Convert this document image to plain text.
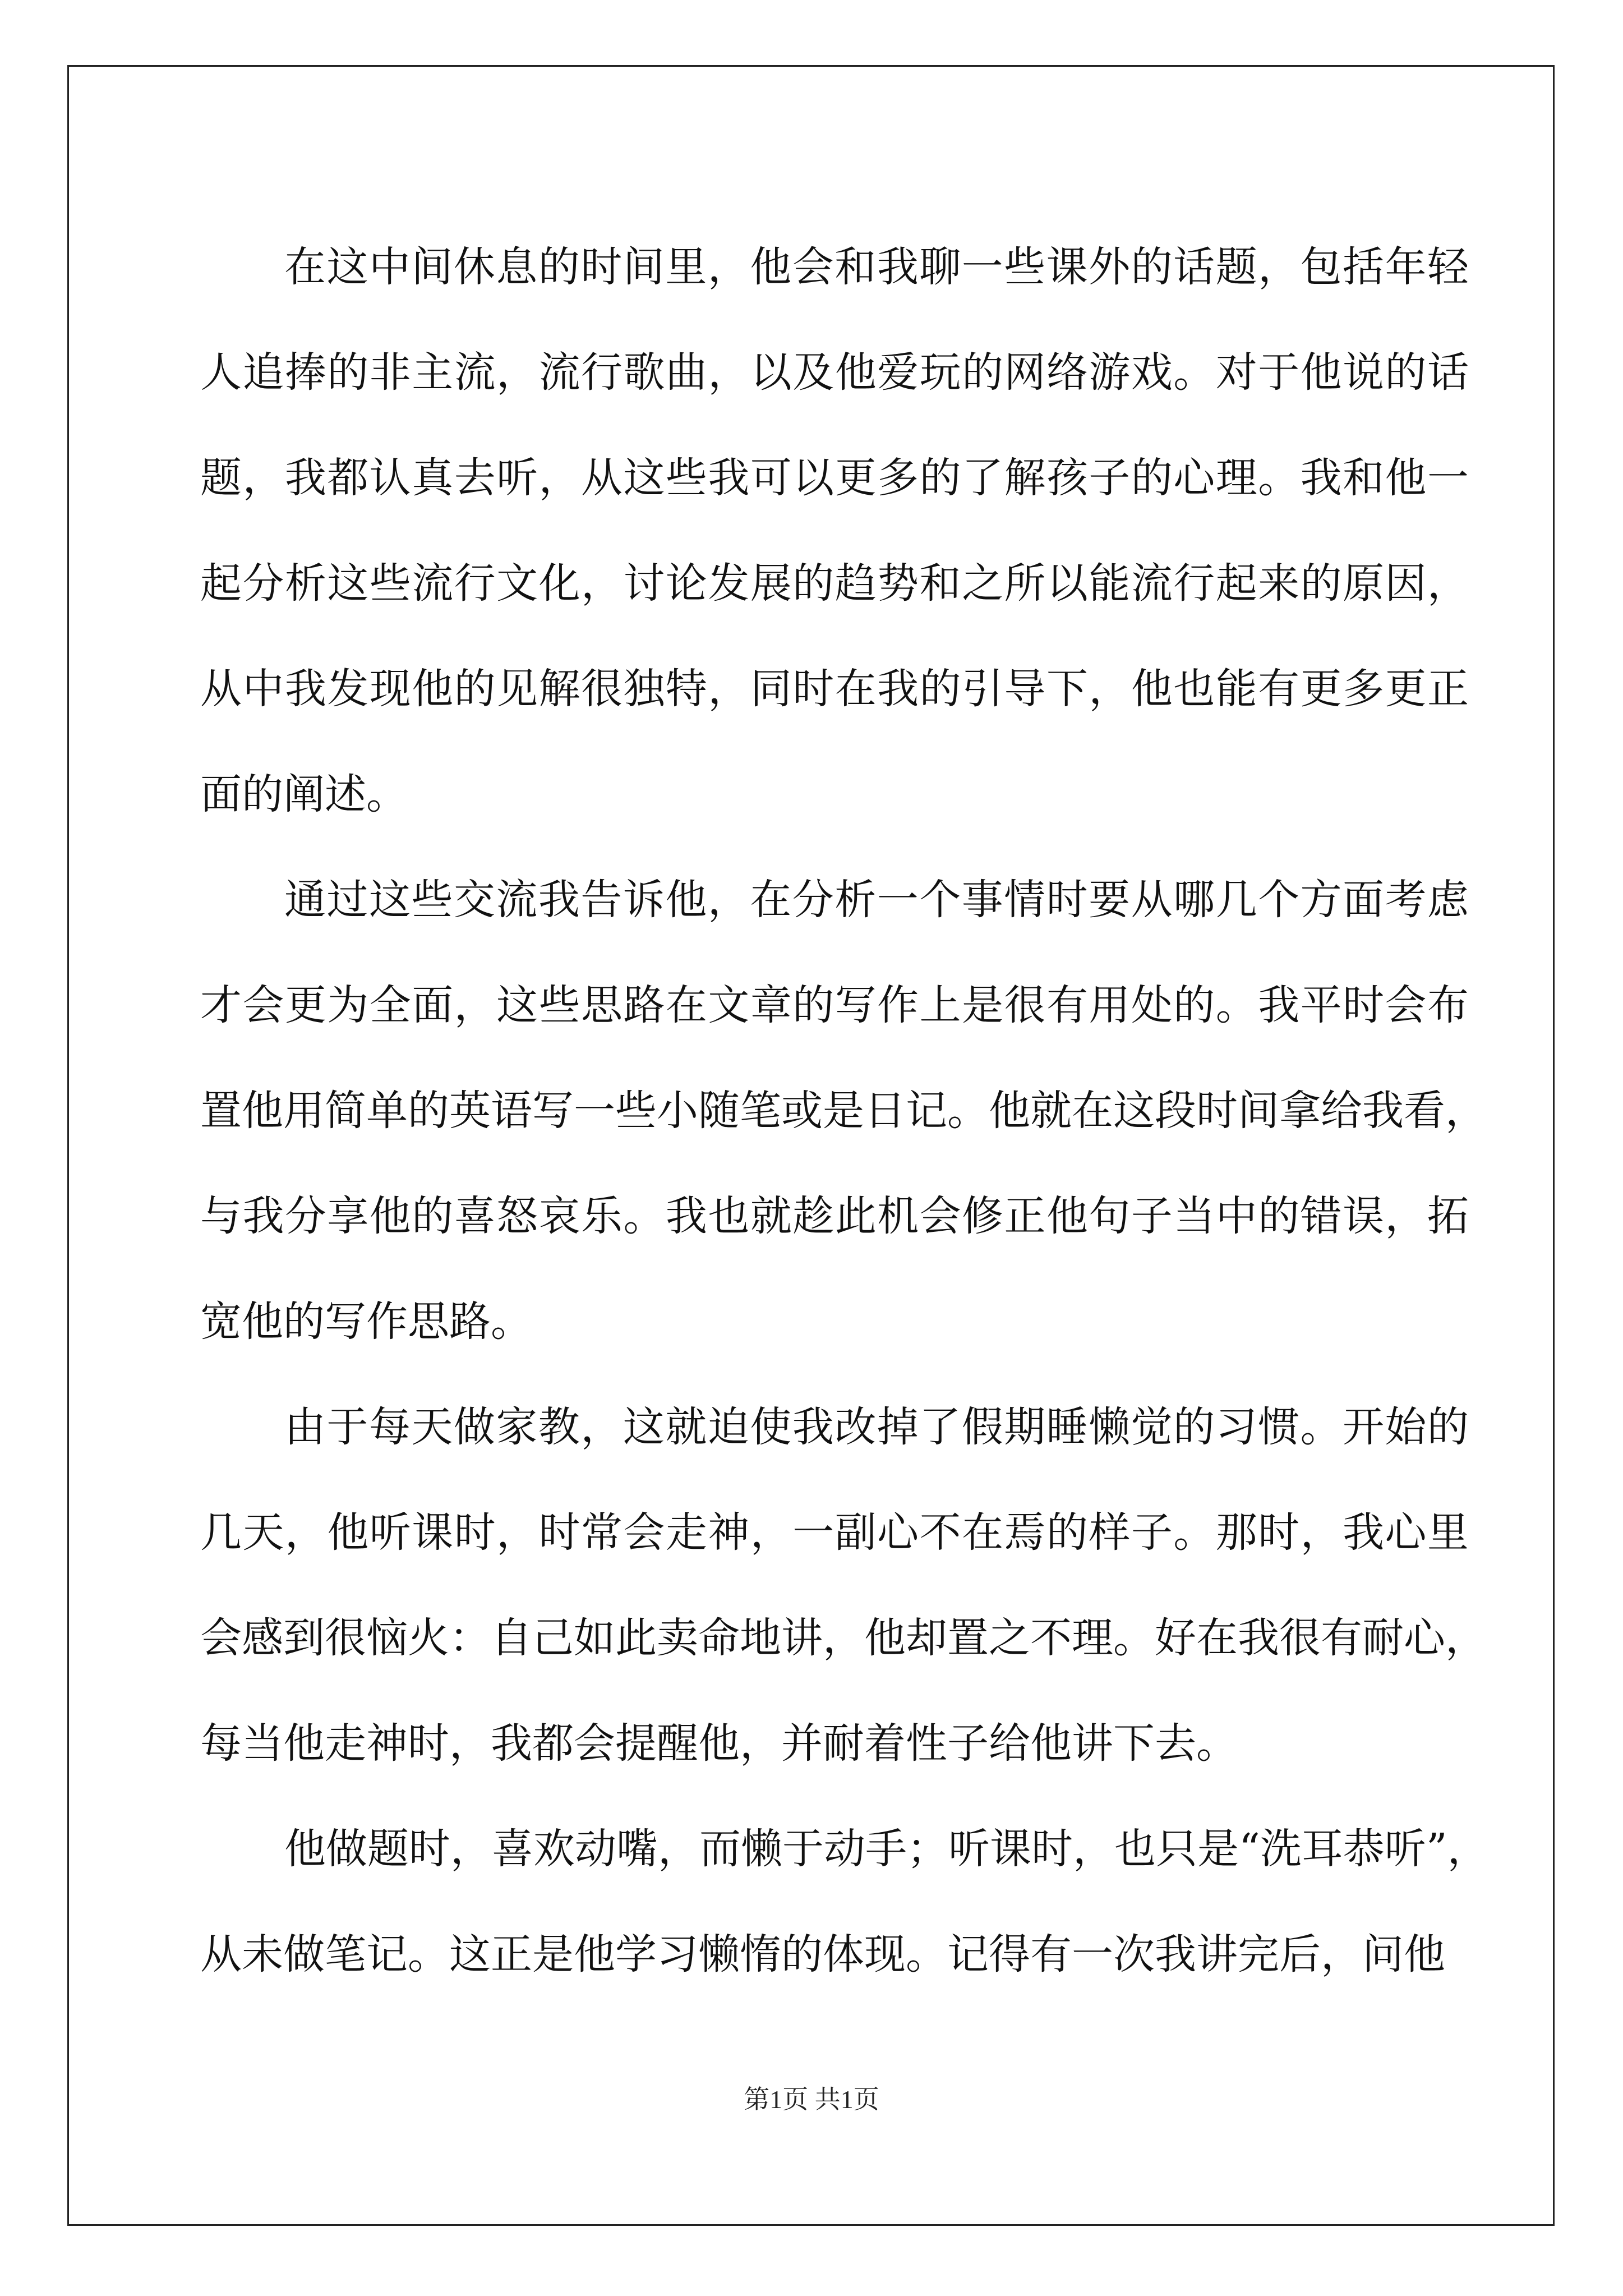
在这中间休息的时间里，他会和我聊一些课外的话题，包括年轻
人追捧的非主流，流行歌曲，以及他爱玩的网络游戏。对于他说的话
题，我都认真去听，从这些我可以更多的了解孩子的心理。我和他一
起分析这些流行文化，讨论发展的趋势和之所以能流行起来的原因，
从中我发现他的见解很独特，同时在我的引导下，他也能有更多更正
面的阐述。
通过这些交流我告诉他，在分析一个事情时要从哪几个方面考虑
才会更为全面，这些思路在文章的写作上是很有用处的。我平时会布
置他用简单的英语写一些小随笔或是日记。他就在这段时间拿给我看，
与我分享他的喜怒哀乐。我也就趁此机会修正他句子当中的错误，拓
宽他的写作思路。
由于每天做家教，这就迫使我改掉了假期睡懒觉的习惯。开始的
几天，他听课时，时常会走神，一副心不在焉的样子。那时，我心里
会感到很恼火：自己如此卖命地讲，他却置之不理。好在我很有耐心，
每当他走神时，我都会提醒他，并耐着性子给他讲下去。
他做题时，喜欢动嘴，而懒于动手；听课时，也只是“洗耳恭听”，
从未做笔记。这正是他学习懒惰的体现。记得有一次我讲完后，问他
第1页 共1页
